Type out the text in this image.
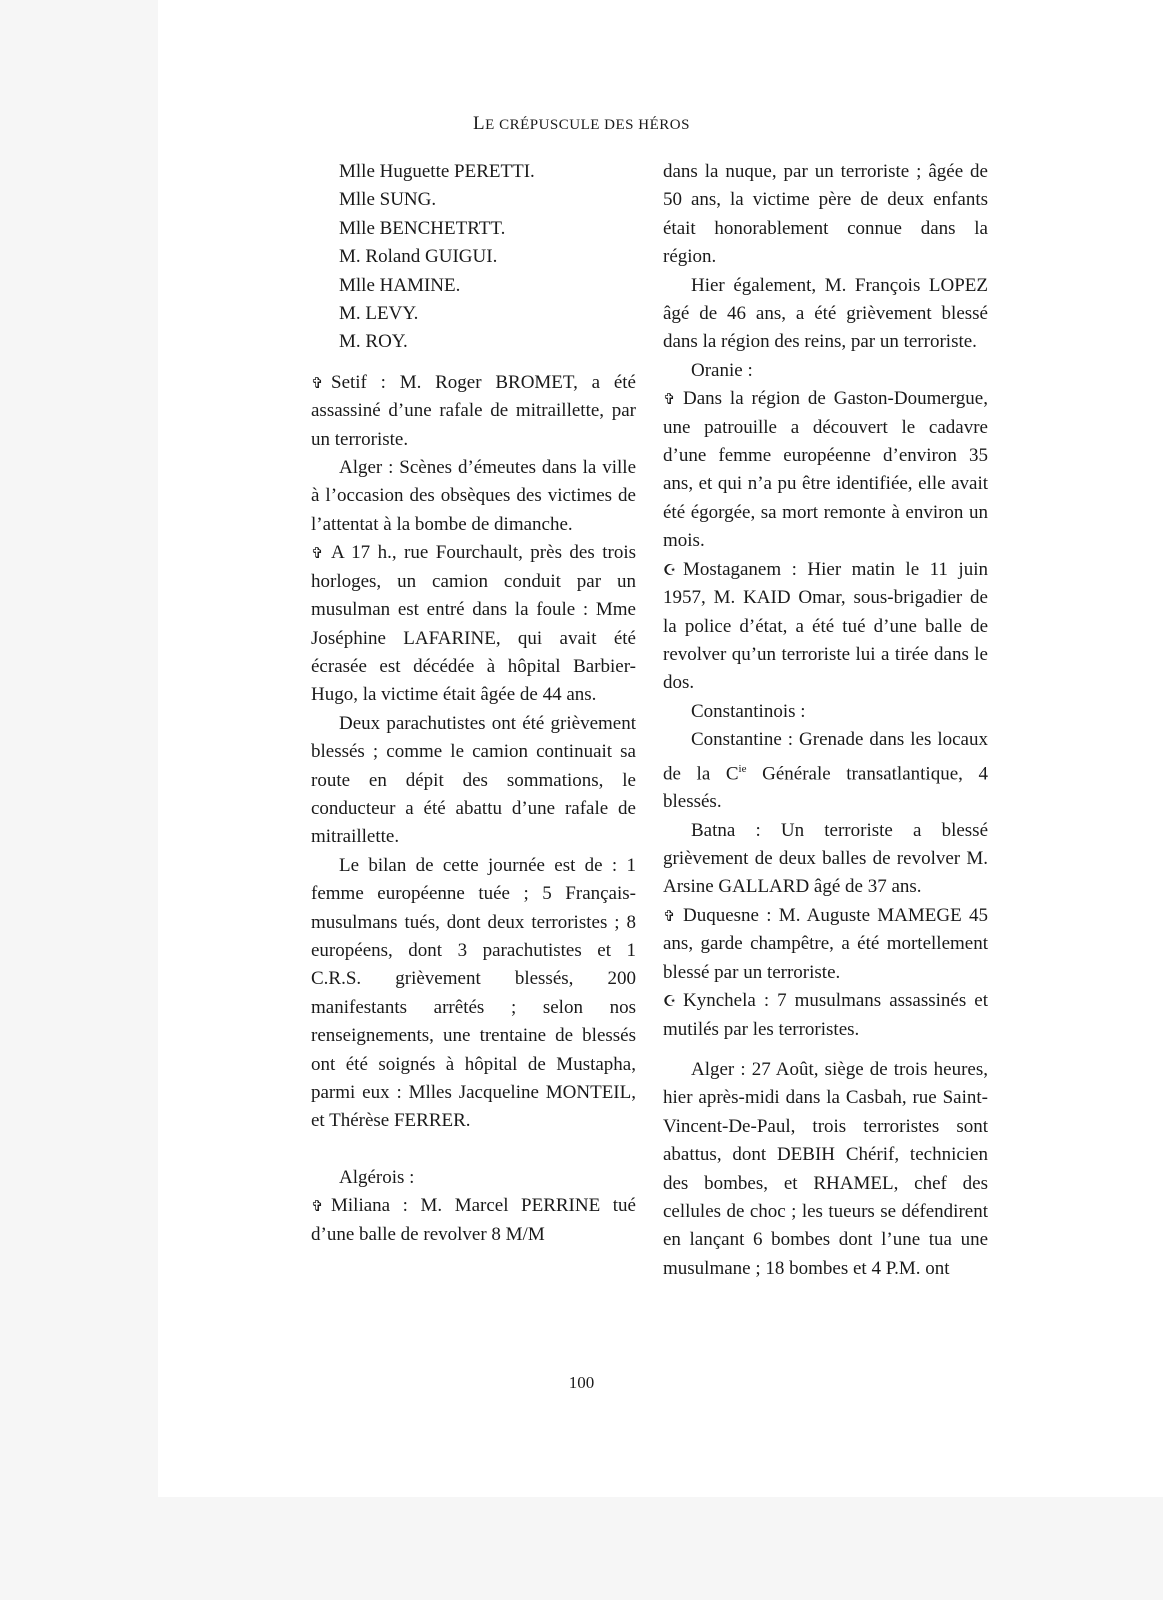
LE CRÉPUSCULE DES HÉROS

Mlle Huguette PERETTI.

Mlle SUNG.

Mlle BENCHETRTT.

M. Roland GUIGUI.

Mlle HAMINE.

M. LEVY.

M. ROY.

✞ Setif : M. Roger BROMET, a été assassiné d’une rafale de mitraillette, par un terroriste.

Alger : Scènes d’émeutes dans la ville à l’occasion des obsèques des victimes de l’attentat à la bombe de dimanche.

✞ A 17 h., rue Fourchault, près des trois horloges, un camion conduit par un musulman est entré dans la foule : Mme Joséphine LAFARINE, qui avait été écrasée est décédée à hôpital Barbier-Hugo, la victime était âgée de 44 ans.

Deux parachutistes ont été grièvement blessés ; comme le camion continuait sa route en dépit des sommations, le conducteur a été abattu d’une rafale de mitraillette.

Le bilan de cette journée est de : 1 femme européenne tuée ; 5 Français-musulmans tués, dont deux terroristes ; 8 européens, dont 3 parachutistes et 1 C.R.S. grièvement blessés, 200 manifestants arrêtés ; selon nos renseignements, une trentaine de blessés ont été soignés à hôpital de Mustapha, parmi eux : Mlles Jacqueline MONTEIL, et Thérèse FERRER.

Algérois :

✞ Miliana : M. Marcel PERRINE tué d’une balle de revolver 8 M/M

dans la nuque, par un terroriste ; âgée de 50 ans, la victime père de deux enfants était honorablement connue dans la région.

Hier également, M. François LOPEZ âgé de 46 ans, a été grièvement blessé dans la région des reins, par un terroriste.

Oranie :

✞ Dans la région de Gaston-Doumergue, une patrouille a découvert le cadavre d’une femme européenne d’environ 35 ans, et qui n’a pu être identifiée, elle avait été égorgée, sa mort remonte à environ un mois.

☪ Mostaganem : Hier matin le 11 juin 1957, M. KAID Omar, sous-brigadier de la police d’état, a été tué d’une balle de revolver qu’un terroriste lui a tirée dans le dos.

Constantinois :

Constantine : Grenade dans les locaux de la $C^{ie}$ Générale transatlantique, 4 blessés.

Batna : Un terroriste a blessé grièvement de deux balles de revolver M. Arsine GALLARD âgé de 37 ans.

✞ Duquesne : M. Auguste MAMEGE 45 ans, garde champêtre, a été mortellement blessé par un terroriste.

☪ Kynchela : 7 musulmans assassinés et mutilés par les terroristes.

Alger : 27 Août, siège de trois heures, hier après-midi dans la Casbah, rue Saint-Vincent-De-Paul, trois terroristes sont abattus, dont DEBIH Chérif, technicien des bombes, et RHAMEL, chef des cellules de choc ; les tueurs se défendirent en lançant 6 bombes dont l’une tua une musulmane ; 18 bombes et 4 P.M. ont

100
